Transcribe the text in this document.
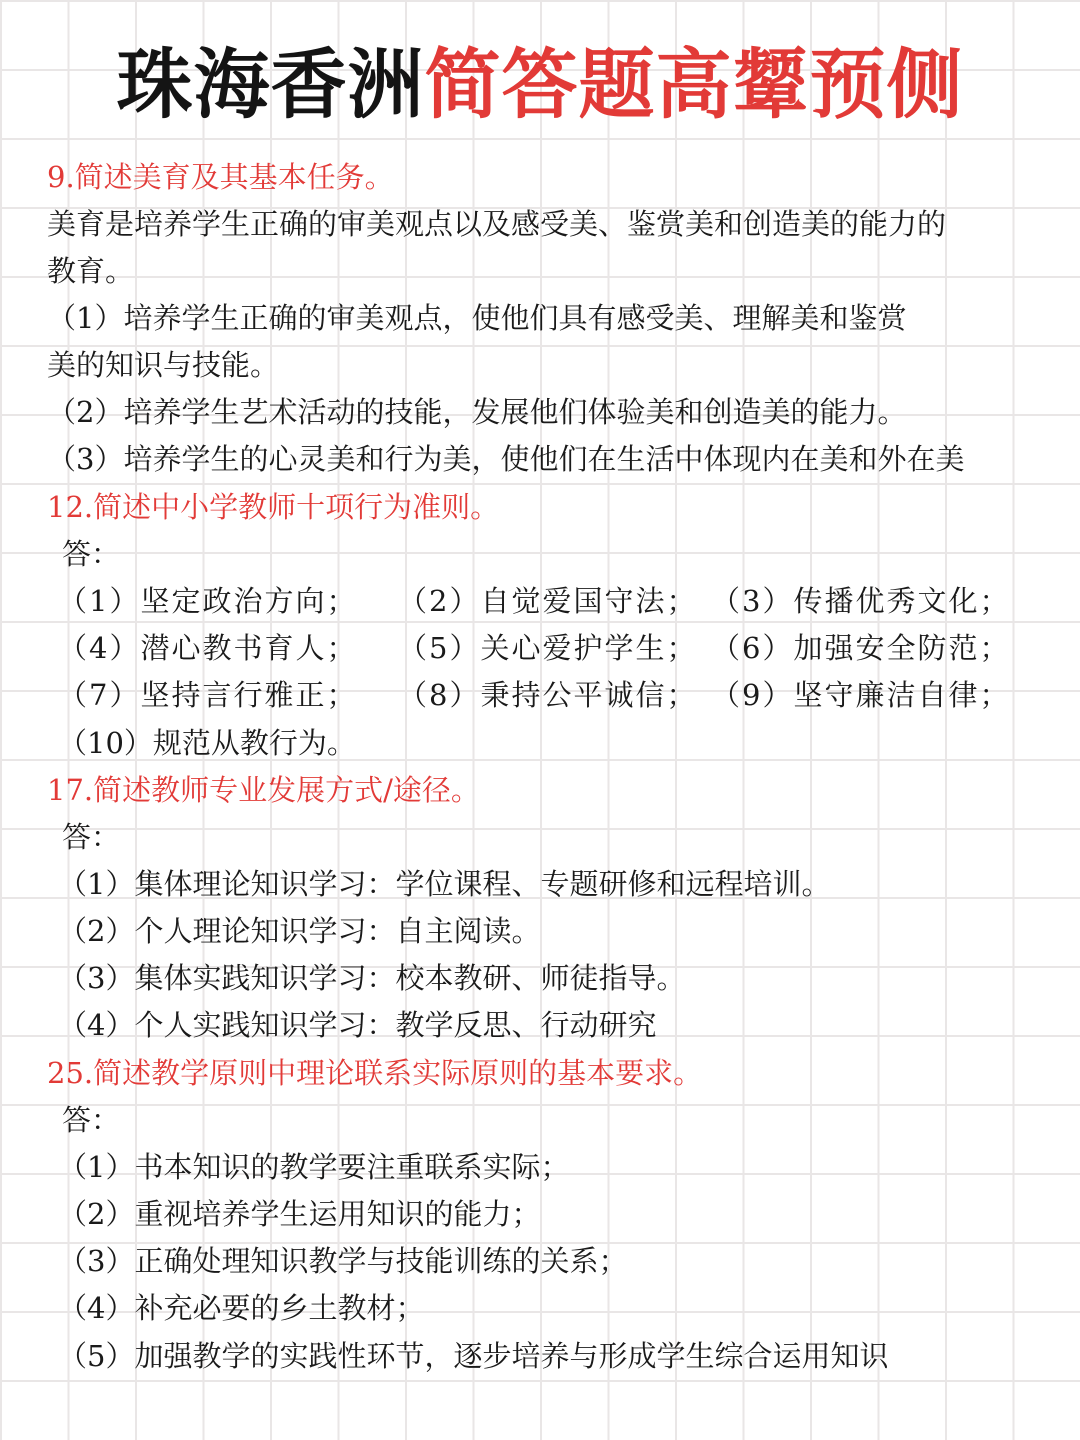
珠海香洲简答题高颦预侧
9.简述美育及其基本任务。
美育是培养学生正确的审美观点以及感受美、鉴赏美和创造美的能力的
教育。
（1）培养学生正确的审美观点，使他们具有感受美、理解美和鉴赏
美的知识与技能。
（2）培养学生艺术活动的技能，发展他们体验美和创造美的能力。
（3）培养学生的心灵美和行为美，使他们在生活中体现内在美和外在美
12.简述中小学教师十项行为准则。
答：
（1）坚定政治方向； （2）自觉爱国守法； （3）传播优秀文化；
（4）潜心教书育人； （5）关心爱护学生； （6）加强安全防范；
（7）坚持言行雅正； （8）秉持公平诚信； （9）坚守廉洁自律；
（10）规范从教行为。
17.简述教师专业发展方式/途径。
答：
（1）集体理论知识学习：学位课程、专题研修和远程培训。
（2）个人理论知识学习：自主阅读。
（3）集体实践知识学习：校本教研、师徒指导。
（4）个人实践知识学习：教学反思、行动研究
25.简述教学原则中理论联系实际原则的基本要求。
答：
（1）书本知识的教学要注重联系实际；
（2）重视培养学生运用知识的能力；
（3）正确处理知识教学与技能训练的关系；
（4）补充必要的乡土教材；
（5）加强教学的实践性环节，逐步培养与形成学生综合运用知识
